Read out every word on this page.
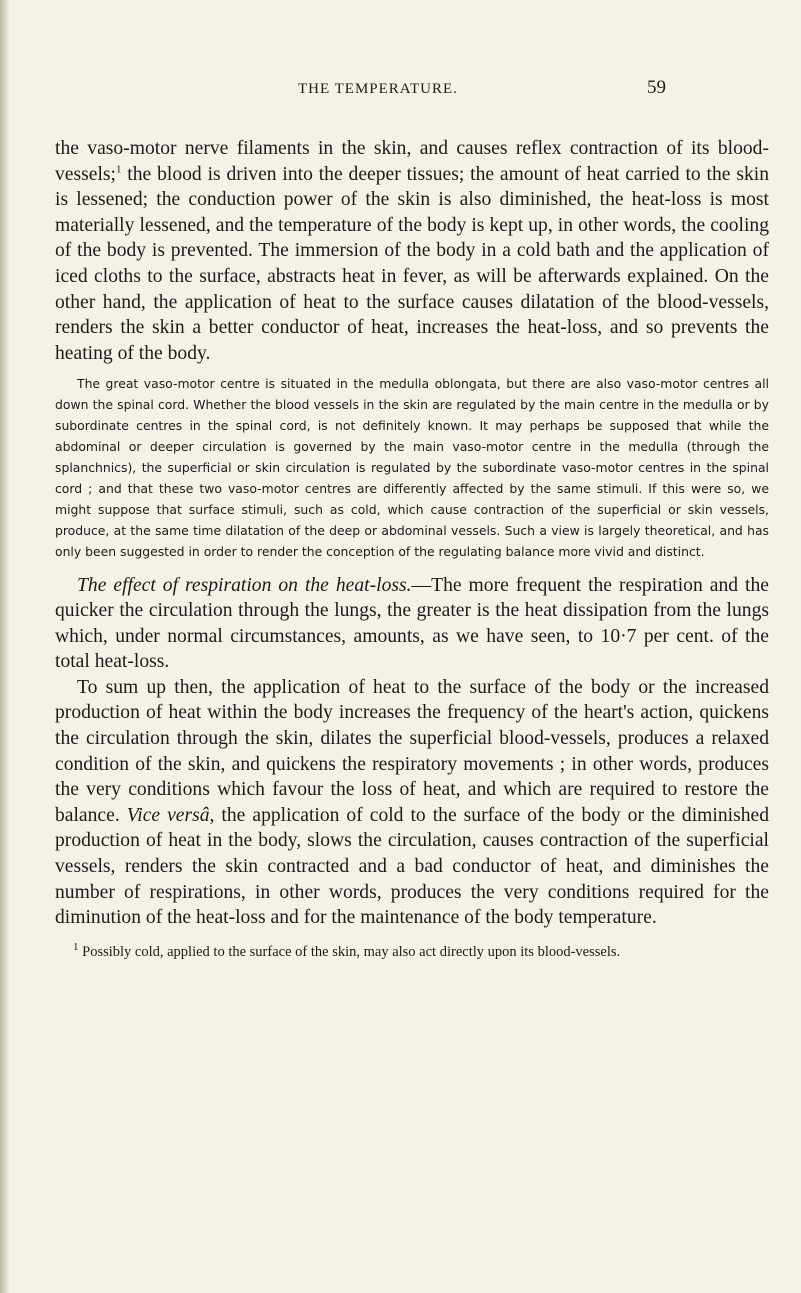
THE TEMPERATURE.	59

the vaso-motor nerve filaments in the skin, and causes reflex contraction of its blood-vessels;$^1$ the blood is driven into the deeper tissues; the amount of heat carried to the skin is lessened; the conduction power of the skin is also diminished, the heat-loss is most materially lessened, and the temperature of the body is kept up, in other words, the cooling of the body is prevented. The immersion of the body in a cold bath and the application of iced cloths to the surface, abstracts heat in fever, as will be afterwards explained. On the other hand, the application of heat to the surface causes dilatation of the blood-vessels, renders the skin a better conductor of heat, increases the heat-loss, and so prevents the heating of the body.

The great vaso-motor centre is situated in the medulla oblongata, but there are also vaso-motor centres all down the spinal cord. Whether the blood vessels in the skin are regulated by the main centre in the medulla or by subordinate centres in the spinal cord, is not definitely known. It may perhaps be supposed that while the abdominal or deeper circulation is governed by the main vaso-motor centre in the medulla (through the splanchnics), the superficial or skin circulation is regulated by the subordinate vaso-motor centres in the spinal cord ; and that these two vaso-motor centres are differently affected by the same stimuli. If this were so, we might suppose that surface stimuli, such as cold, which cause contraction of the superficial or skin vessels, produce, at the same time dilatation of the deep or abdominal vessels. Such a view is largely theoretical, and has only been suggested in order to render the conception of the regulating balance more vivid and distinct.

The effect of respiration on the heat-loss.—The more frequent the respiration and the quicker the circulation through the lungs, the greater is the heat dissipation from the lungs which, under normal circumstances, amounts, as we have seen, to 10·7 per cent. of the total heat-loss.

To sum up then, the application of heat to the surface of the body or the increased production of heat within the body increases the frequency of the heart's action, quickens the circulation through the skin, dilates the superficial blood-vessels, produces a relaxed condition of the skin, and quickens the respiratory movements ; in other words, produces the very conditions which favour the loss of heat, and which are required to restore the balance. Vice versâ, the application of cold to the surface of the body or the diminished production of heat in the body, slows the circulation, causes contraction of the superficial vessels, renders the skin contracted and a bad conductor of heat, and diminishes the number of respirations, in other words, produces the very conditions required for the diminution of the heat-loss and for the maintenance of the body temperature.

$^1$ Possibly cold, applied to the surface of the skin, may also act directly upon its blood-vessels.
